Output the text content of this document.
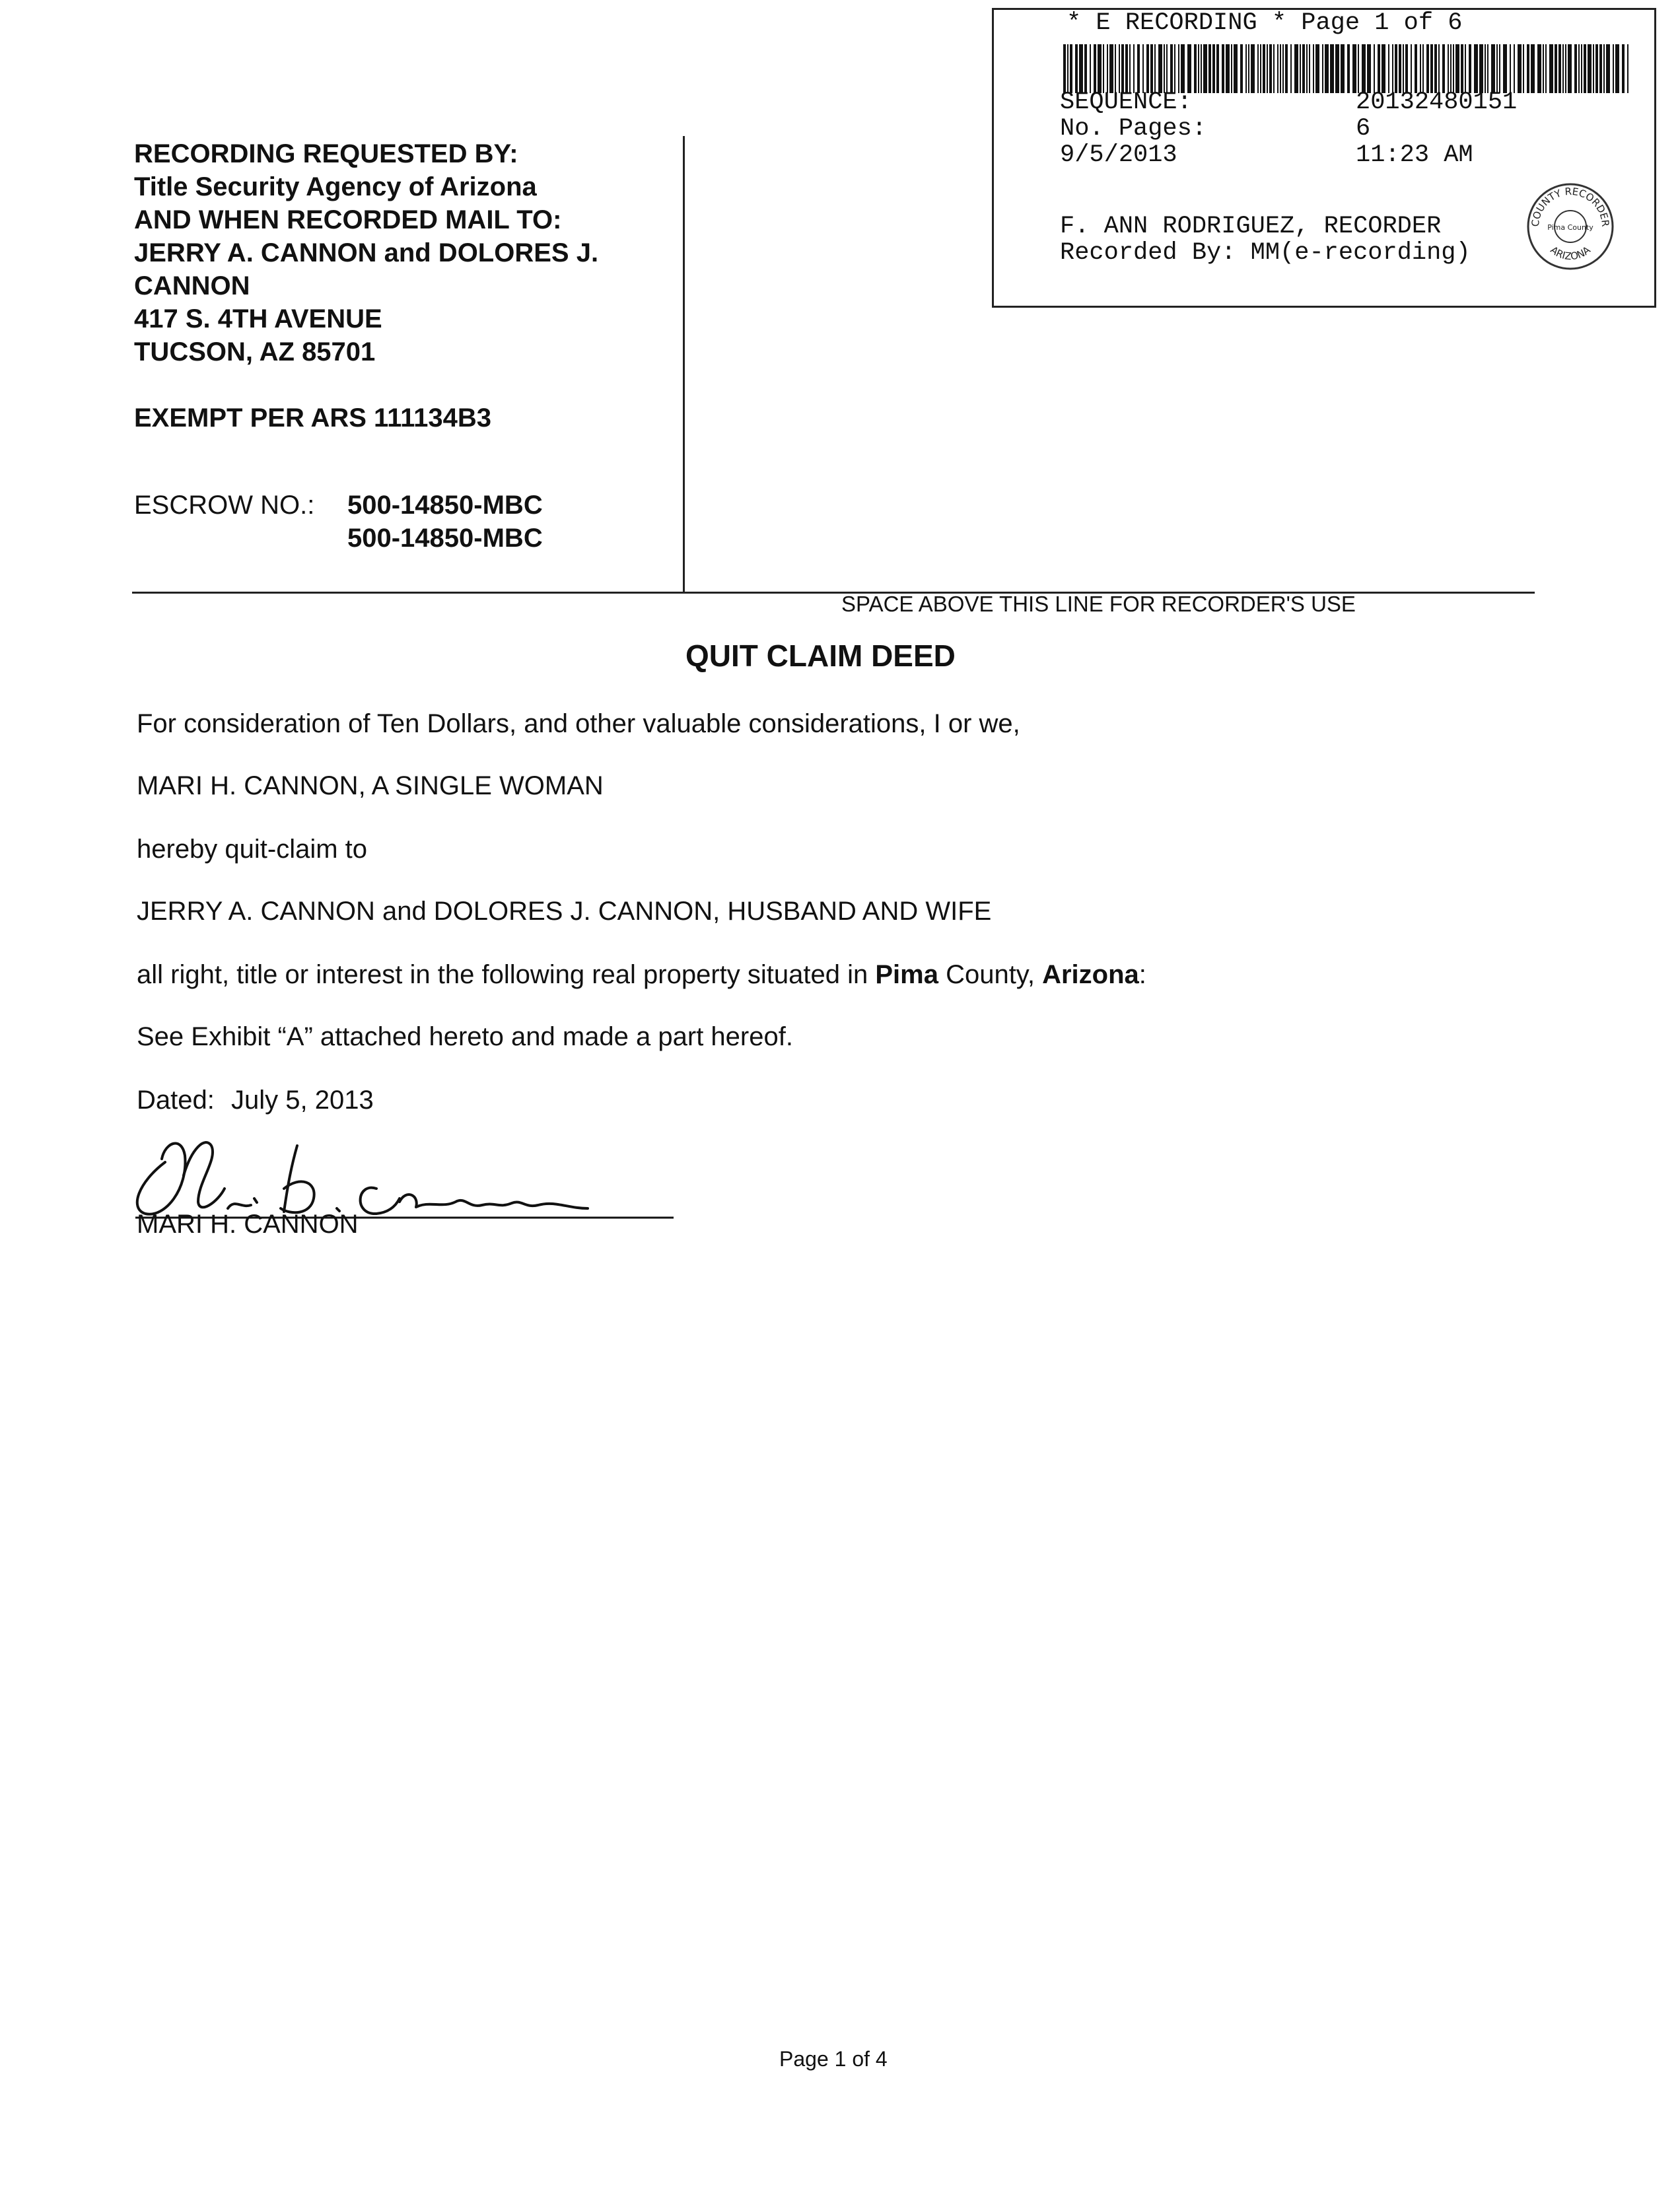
* E RECORDING * Page 1 of 6
SEQUENCE:	20132480151
No. Pages:	6
9/5/2013	11:23 AM
F. ANN RODRIGUEZ, RECORDER
Recorded By: MM(e-recording)
COUNTY RECORDER
ARIZONA
Pima County
RECORDING REQUESTED BY:
Title Security Agency of Arizona
AND WHEN RECORDED MAIL TO:
JERRY A. CANNON and DOLORES J.
CANNON
417 S. 4TH AVENUE
TUCSON, AZ 85701
EXEMPT PER ARS 111134B3
ESCROW NO.: 500-14850-MBC
500-14850-MBC
SPACE ABOVE THIS LINE FOR RECORDER'S USE
QUIT CLAIM DEED
For consideration of Ten Dollars, and other valuable considerations, I or we,
MARI H. CANNON, A SINGLE WOMAN
hereby quit-claim to
JERRY A. CANNON and DOLORES J. CANNON, HUSBAND AND WIFE
all right, title or interest in the following real property situated in Pima County, Arizona:
See Exhibit “A” attached hereto and made a part hereof.
Dated: July 5, 2013
MARI H. CANNON
Page 1 of 4
